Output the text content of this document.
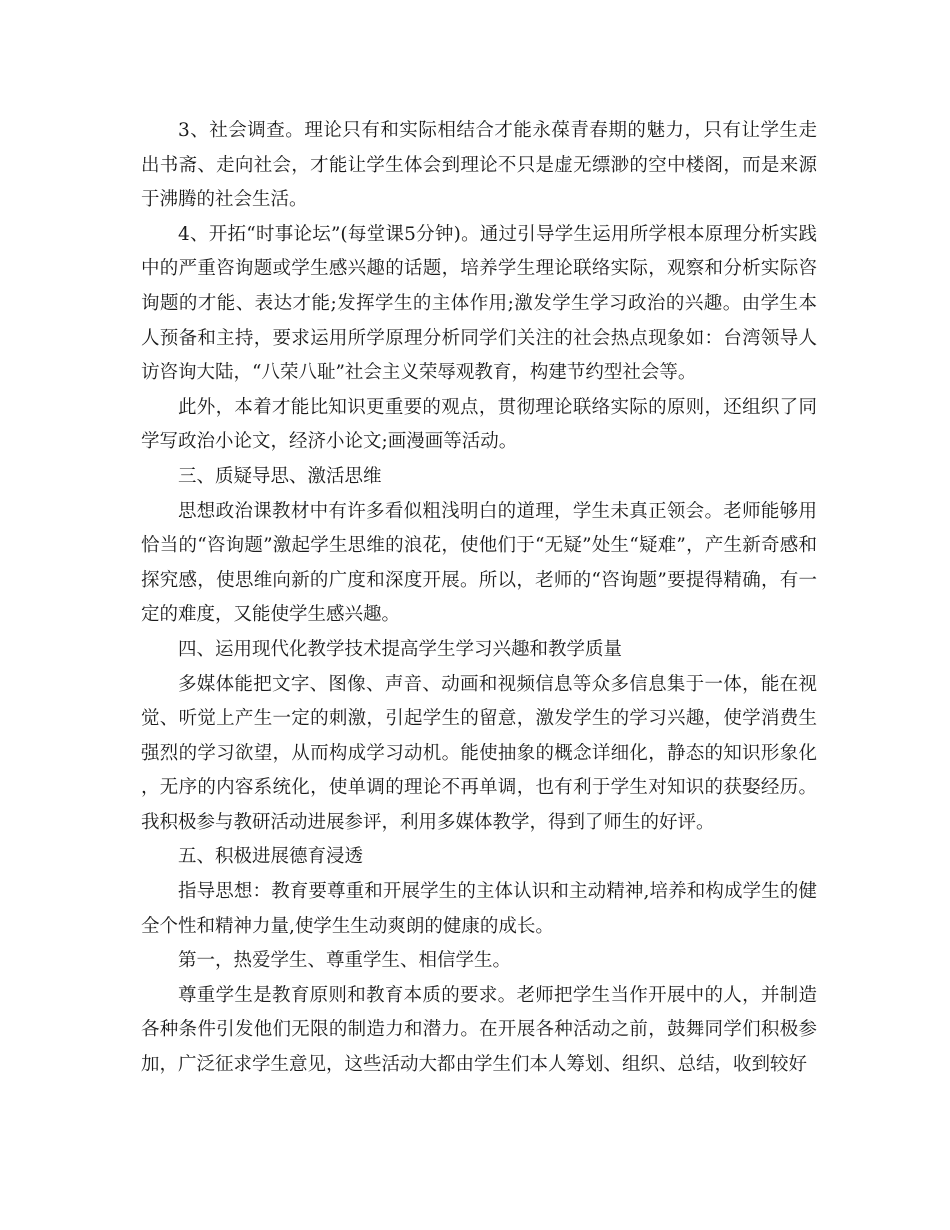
3、社会调查。理论只有和实际相结合才能永葆青春期的魅力，只有让学生走出书斋、走向社会，才能让学生体会到理论不只是虚无缥渺的空中楼阁，而是来源于沸腾的社会生活。

4、开拓“时事论坛”(每堂课5分钟)。通过引导学生运用所学根本原理分析实践中的严重咨询题或学生感兴趣的话题，培养学生理论联络实际，观察和分析实际咨询题的才能、表达才能;发挥学生的主体作用;激发学生学习政治的兴趣。由学生本人预备和主持，要求运用所学原理分析同学们关注的社会热点现象如：台湾领导人访咨询大陆，“八荣八耻”社会主义荣辱观教育，构建节约型社会等。

此外，本着才能比知识更重要的观点，贯彻理论联络实际的原则，还组织了同学写政治小论文，经济小论文;画漫画等活动。

三、质疑导思、激活思维

思想政治课教材中有许多看似粗浅明白的道理，学生未真正领会。老师能够用恰当的“咨询题”激起学生思维的浪花，使他们于“无疑”处生“疑难”，产生新奇感和探究感，使思维向新的广度和深度开展。所以，老师的“咨询题”要提得精确，有一定的难度，又能使学生感兴趣。

四、运用现代化教学技术提高学生学习兴趣和教学质量

多媒体能把文字、图像、声音、动画和视频信息等众多信息集于一体，能在视觉、听觉上产生一定的刺激，引起学生的留意，激发学生的学习兴趣，使学消费生强烈的学习欲望，从而构成学习动机。能使抽象的概念详细化，静态的知识形象化，无序的内容系统化，使单调的理论不再单调，也有利于学生对知识的获娶经历。我积极参与教研活动进展参评，利用多媒体教学，得到了师生的好评。

五、积极进展德育浸透

指导思想：教育要尊重和开展学生的主体认识和主动精神,培养和构成学生的健全个性和精神力量,使学生生动爽朗的健康的成长。

第一，热爱学生、尊重学生、相信学生。

尊重学生是教育原则和教育本质的要求。老师把学生当作开展中的人，并制造各种条件引发他们无限的制造力和潜力。在开展各种活动之前，鼓舞同学们积极参加，广泛征求学生意见，这些活动大都由学生们本人筹划、组织、总结，收到较好
